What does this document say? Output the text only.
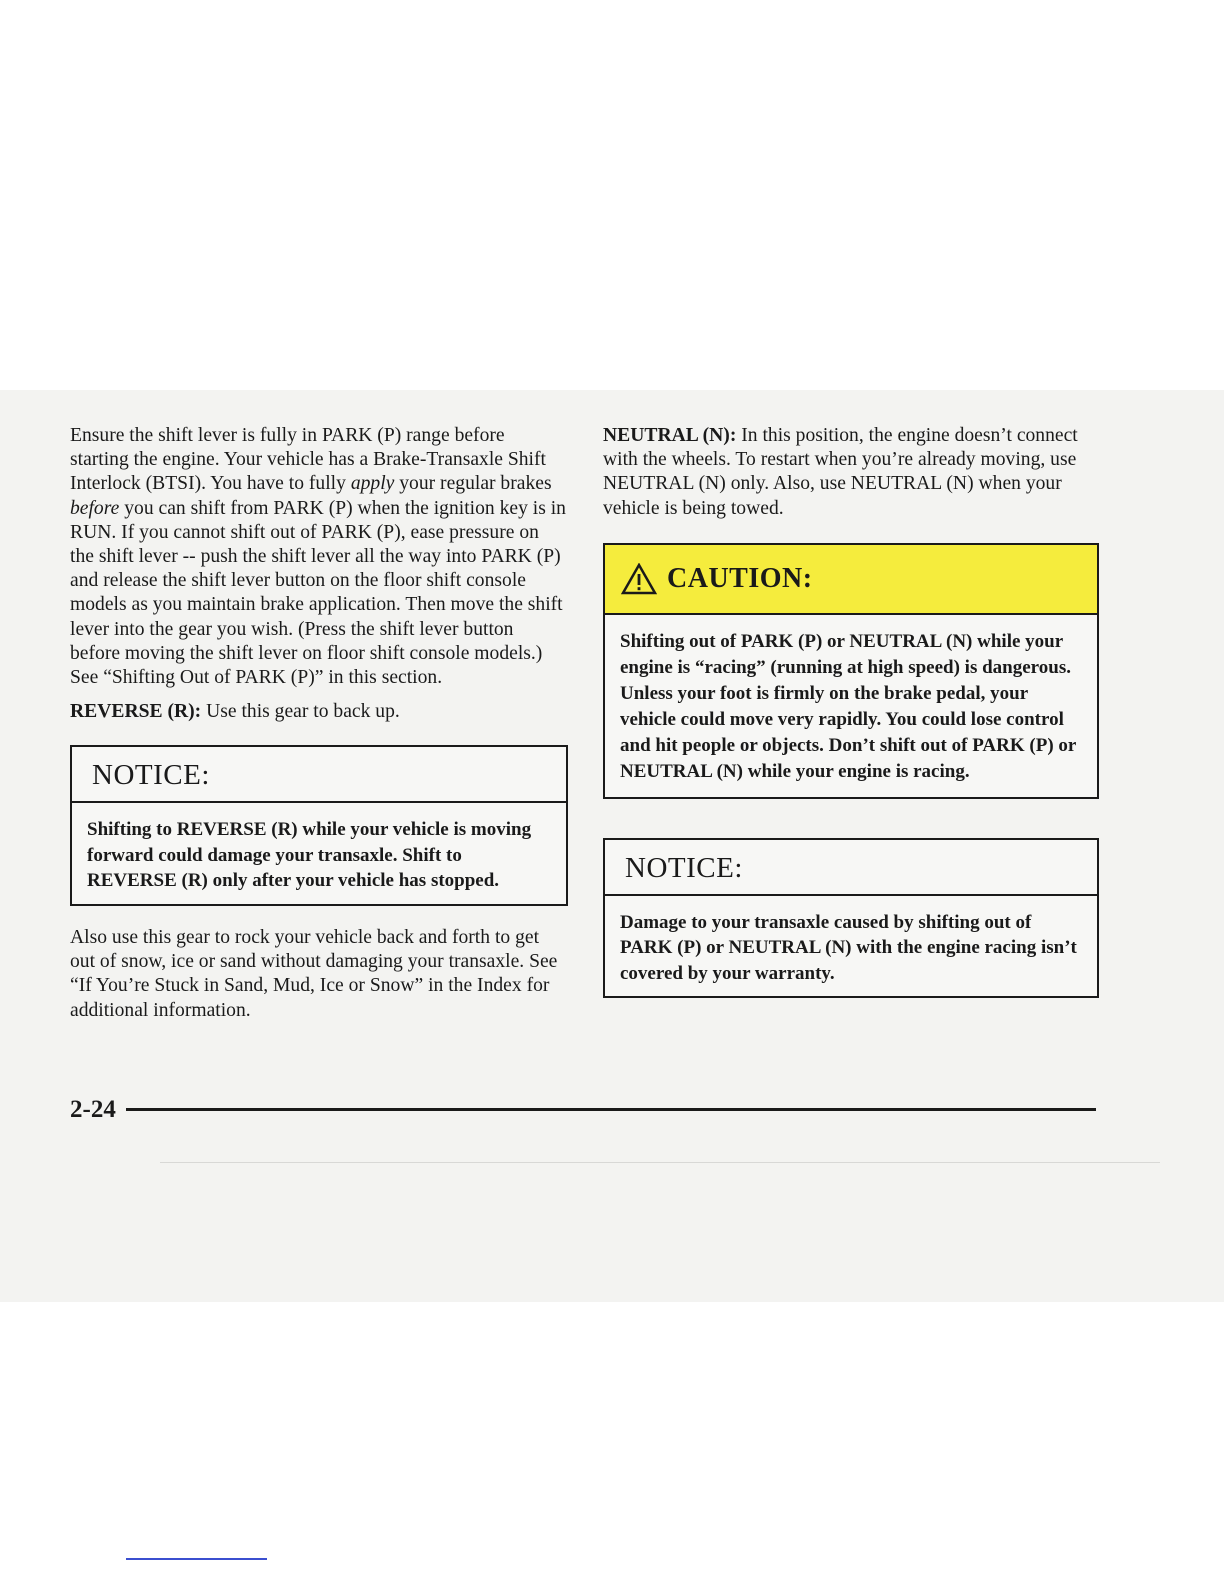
Ensure the shift lever is fully in PARK (P) range before starting the engine. Your vehicle has a Brake-Transaxle Shift Interlock (BTSI). You have to fully apply your regular brakes before you can shift from PARK (P) when the ignition key is in RUN. If you cannot shift out of PARK (P), ease pressure on the shift lever -- push the shift lever all the way into PARK (P) and release the shift lever button on the floor shift console models as you maintain brake application. Then move the shift lever into the gear you wish. (Press the shift lever button before moving the shift lever on floor shift console models.) See “Shifting Out of PARK (P)” in this section.

REVERSE (R): Use this gear to back up.

NOTICE:
Shifting to REVERSE (R) while your vehicle is moving forward could damage your transaxle. Shift to REVERSE (R) only after your vehicle has stopped.

Also use this gear to rock your vehicle back and forth to get out of snow, ice or sand without damaging your transaxle. See “If You’re Stuck in Sand, Mud, Ice or Snow” in the Index for additional information.

NEUTRAL (N): In this position, the engine doesn’t connect with the wheels. To restart when you’re already moving, use NEUTRAL (N) only. Also, use NEUTRAL (N) when your vehicle is being towed.

CAUTION:
Shifting out of PARK (P) or NEUTRAL (N) while your engine is “racing” (running at high speed) is dangerous. Unless your foot is firmly on the brake pedal, your vehicle could move very rapidly. You could lose control and hit people or objects. Don’t shift out of PARK (P) or NEUTRAL (N) while your engine is racing.
NOTICE:
Damage to your transaxle caused by shifting out of PARK (P) or NEUTRAL (N) with the engine racing isn’t covered by your warranty.
2-24
